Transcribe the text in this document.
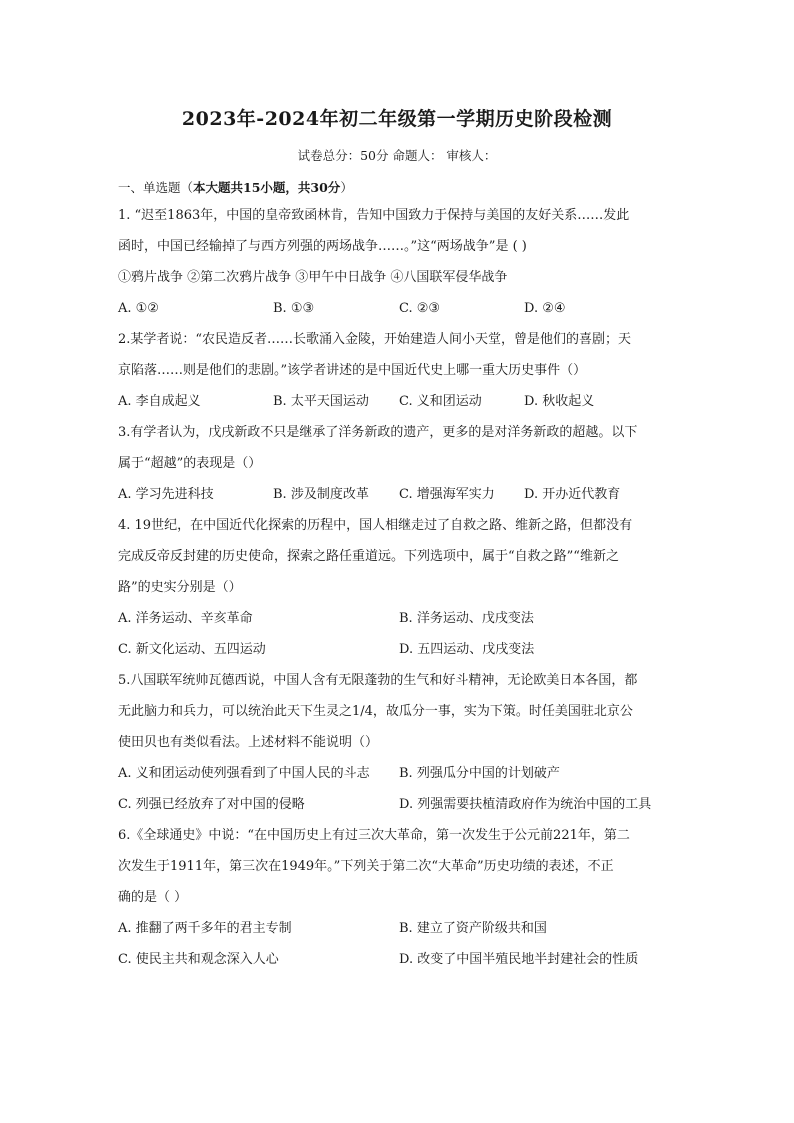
2023年-2024年初二年级第一学期历史阶段检测
试卷总分：50分 命题人： 审核人：
一、单选题（本大题共15小题，共30分）
1. “迟至1863年，中国的皇帝致函林肯，告知中国致力于保持与美国的友好关系……发此
函时，中国已经输掉了与西方列强的两场战争……。”这“两场战争”是 ( )
①鸦片战争 ②第二次鸦片战争 ③甲午中日战争 ④八国联军侵华战争
A. ①②	B. ①③	C. ②③	D. ②④
2.某学者说：“农民造反者……长歌涌入金陵，开始建造人间小天堂，曾是他们的喜剧；天
京陷落……则是他们的悲剧。”该学者讲述的是中国近代史上哪一重大历史事件（）
A. 李自成起义	B. 太平天国运动 C. 义和团运动	D. 秋收起义
3.有学者认为，戊戌新政不只是继承了洋务新政的遗产，更多的是对洋务新政的超越。以下
属于“超越”的表现是（）
A. 学习先进科技	B. 涉及制度改革 C. 增强海军实力 D. 开办近代教育
4. 19世纪，在中国近代化探索的历程中，国人相继走过了自救之路、维新之路，但都没有
完成反帝反封建的历史使命，探索之路任重道远。下列选项中，属于“自救之路”“维新之
路”的史实分别是（）
A. 洋务运动、辛亥革命	B. 洋务运动、戊戌变法
C. 新文化运动、五四运动	D. 五四运动、戊戌变法
5.八国联军统帅瓦德西说，中国人含有无限蓬勃的生气和好斗精神，无论欧美日本各国，都
无此脑力和兵力，可以统治此天下生灵之1/4，故瓜分一事，实为下策。时任美国驻北京公
使田贝也有类似看法。上述材料不能说明（）
A. 义和团运动使列强看到了中国人民的斗志 B. 列强瓜分中国的计划破产
C. 列强已经放弃了对中国的侵略	D. 列强需要扶植清政府作为统治中国的工具
6.《全球通史》中说：“在中国历史上有过三次大革命，第一次发生于公元前221年，第二
次发生于1911年，第三次在1949年。”下列关于第二次“大革命”历史功绩的表述，不正
确的是（ ）
A. 推翻了两千多年的君主专制	B. 建立了资产阶级共和国
C. 使民主共和观念深入人心	D. 改变了中国半殖民地半封建社会的性质
